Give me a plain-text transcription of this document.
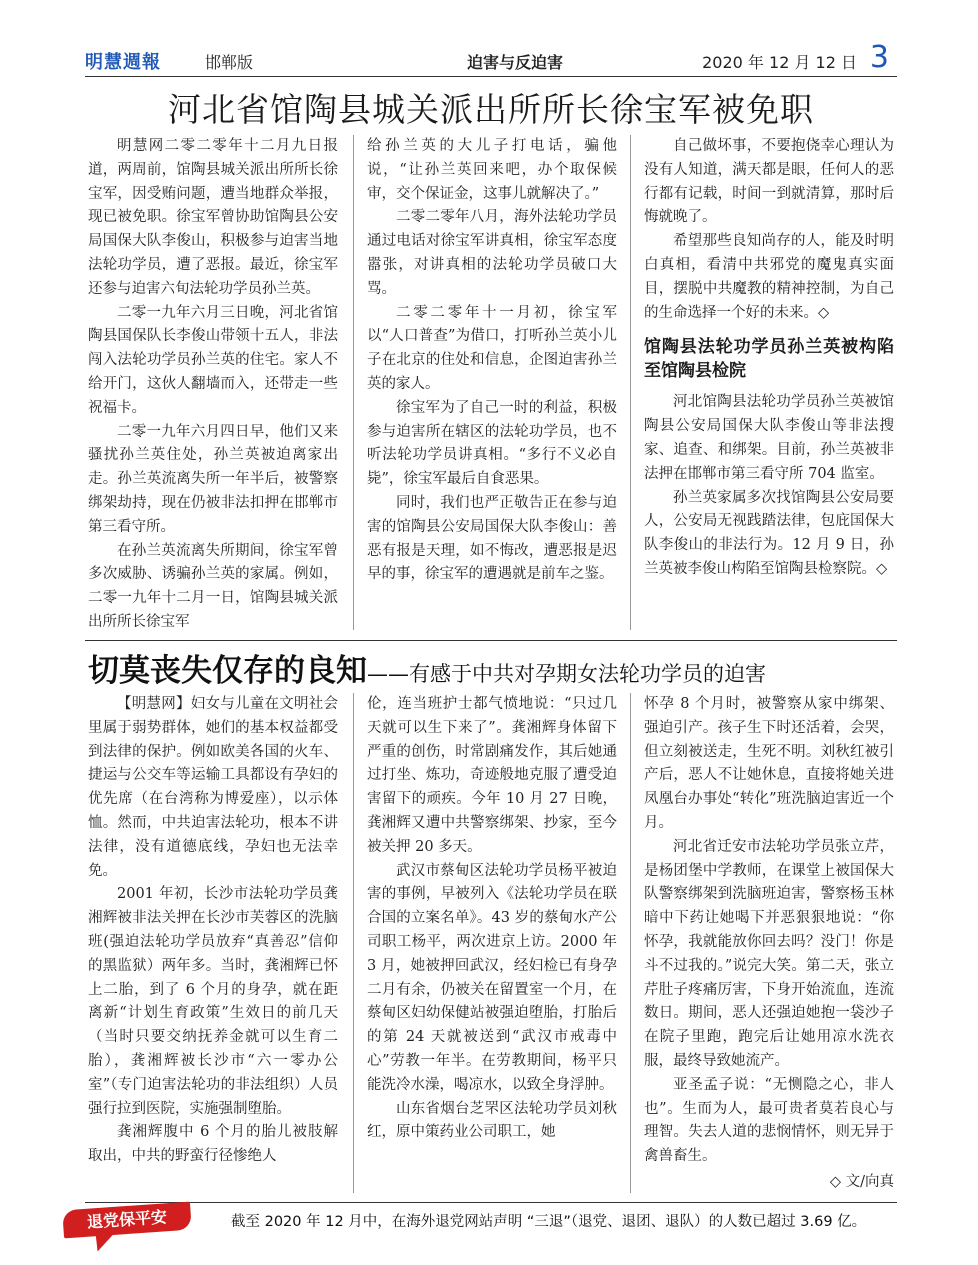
明慧週報	邯郸版	迫害与反迫害	2020 年 12 月 12 日 3
河北省馆陶县城关派出所所长徐宝军被免职

明慧网二零二零年十二月九日报道，两周前，馆陶县城关派出所所长徐宝军，因受贿问题，遭当地群众举报，现已被免职。徐宝军曾协助馆陶县公安局国保大队李俊山，积极参与迫害当地法轮功学员，遭了恶报。最近，徐宝军还参与迫害六旬法轮功学员孙兰英。

二零一九年六月三日晚，河北省馆陶县国保队长李俊山带领十五人，非法闯入法轮功学员孙兰英的住宅。家人不给开门，这伙人翻墙而入，还带走一些祝福卡。

二零一九年六月四日早，他们又来骚扰孙兰英住处，孙兰英被迫离家出走。孙兰英流离失所一年半后，被警察绑架劫持，现在仍被非法扣押在邯郸市第三看守所。

在孙兰英流离失所期间，徐宝军曾多次威胁、诱骗孙兰英的家属。例如，二零一九年十二月一日，馆陶县城关派出所所长徐宝军

给孙兰英的大儿子打电话，骗他说，“让孙兰英回来吧，办个取保候审，交个保证金，这事儿就解决了。”

二零二零年八月，海外法轮功学员通过电话对徐宝军讲真相，徐宝军态度嚣张，对讲真相的法轮功学员破口大骂。

二零二零年十一月初，徐宝军以“人口普查”为借口，打听孙兰英小儿子在北京的住处和信息，企图迫害孙兰英的家人。

徐宝军为了自己一时的利益，积极参与迫害所在辖区的法轮功学员，也不听法轮功学员讲真相。“多行不义必自毙”，徐宝军最后自食恶果。

同时，我们也严正敬告正在参与迫害的馆陶县公安局国保大队李俊山：善恶有报是天理，如不悔改，遭恶报是迟早的事，徐宝军的遭遇就是前车之鉴。

自己做坏事，不要抱侥幸心理认为没有人知道，满天都是眼，任何人的恶行都有记载，时间一到就清算，那时后悔就晚了。

希望那些良知尚存的人，能及时明白真相，看清中共邪党的魔鬼真实面目，摆脱中共魔教的精神控制，为自己的生命选择一个好的未来。◇

馆陶县法轮功学员孙兰英被构陷至馆陶县检院

河北馆陶县法轮功学员孙兰英被馆陶县公安局国保大队李俊山等非法搜家、追查、和绑架。目前，孙兰英被非法押在邯郸市第三看守所 704 监室。

孙兰英家属多次找馆陶县公安局要人，公安局无视践踏法律，包庇国保大队李俊山的非法行为。12 月 9 日，孙兰英被李俊山构陷至馆陶县检察院。◇

切莫丧失仅存的良知——有感于中共对孕期女法轮功学员的迫害

【明慧网】妇女与儿童在文明社会里属于弱势群体，她们的基本权益都受到法律的保护。例如欧美各国的火车、捷运与公交车等运输工具都设有孕妇的优先席（在台湾称为博爱座），以示体恤。然而，中共迫害法轮功，根本不讲法律，没有道德底线，孕妇也无法幸免。

2001 年初，长沙市法轮功学员龚湘辉被非法关押在长沙市芙蓉区的洗脑班(强迫法轮功学员放弃“真善忍”信仰的黑监狱）两年多。当时，龚湘辉已怀上二胎，到了 6 个月的身孕，就在距离新“计划生育政策”生效日的前几天（当时只要交纳抚养金就可以生育二胎），龚湘辉被长沙市“六一零办公室”（专门迫害法轮功的非法组织）人员强行拉到医院，实施强制堕胎。

龚湘辉腹中 6 个月的胎儿被肢解取出，中共的野蛮行径惨绝人

伦，连当班护士都气愤地说：“只过几天就可以生下来了”。龚湘辉身体留下严重的创伤，时常剧痛发作，其后她通过打坐、炼功，奇迹般地克服了遭受迫害留下的顽疾。今年 10 月 27 日晚，龚湘辉又遭中共警察绑架、抄家，至今被关押 20 多天。

武汉市蔡甸区法轮功学员杨平被迫害的事例，早被列入《法轮功学员在联合国的立案名单》。43 岁的蔡甸水产公司职工杨平，两次进京上访。2000 年 3 月，她被押回武汉，经妇检已有身孕二月有余，仍被关在留置室一个月，在蔡甸区妇幼保健站被强迫堕胎，打胎后的第 24 天就被送到“武汉市戒毒中心”劳教一年半。在劳教期间，杨平只能洗冷水澡，喝凉水，以致全身浮肿。

山东省烟台芝罘区法轮功学员刘秋红，原中策药业公司职工，她

怀孕 8 个月时，被警察从家中绑架、强迫引产。孩子生下时还活着，会哭，但立刻被送走，生死不明。刘秋红被引产后，恶人不让她休息，直接将她关进凤凰台办事处“转化”班洗脑迫害近一个月。

河北省迁安市法轮功学员张立芹，是杨团堡中学教师，在课堂上被国保大队警察绑架到洗脑班迫害，警察杨玉林暗中下药让她喝下并恶狠狠地说：“你怀孕，我就能放你回去吗？没门！你是斗不过我的。”说完大笑。第二天，张立芹肚子疼痛厉害，下身开始流血，连流数日。期间，恶人还强迫她抱一袋沙子在院子里跑，跑完后让她用凉水洗衣服，最终导致她流产。

亚圣孟子说：“无恻隐之心，非人也”。生而为人，最可贵者莫若良心与理智。失去人道的悲悯情怀，则无异于禽兽畜生。

◇ 文/向真

退党保平安	截至 2020 年 12 月中，在海外退党网站声明 “三退”（退党、退团、退队）的人数已超过 3.69 亿。
